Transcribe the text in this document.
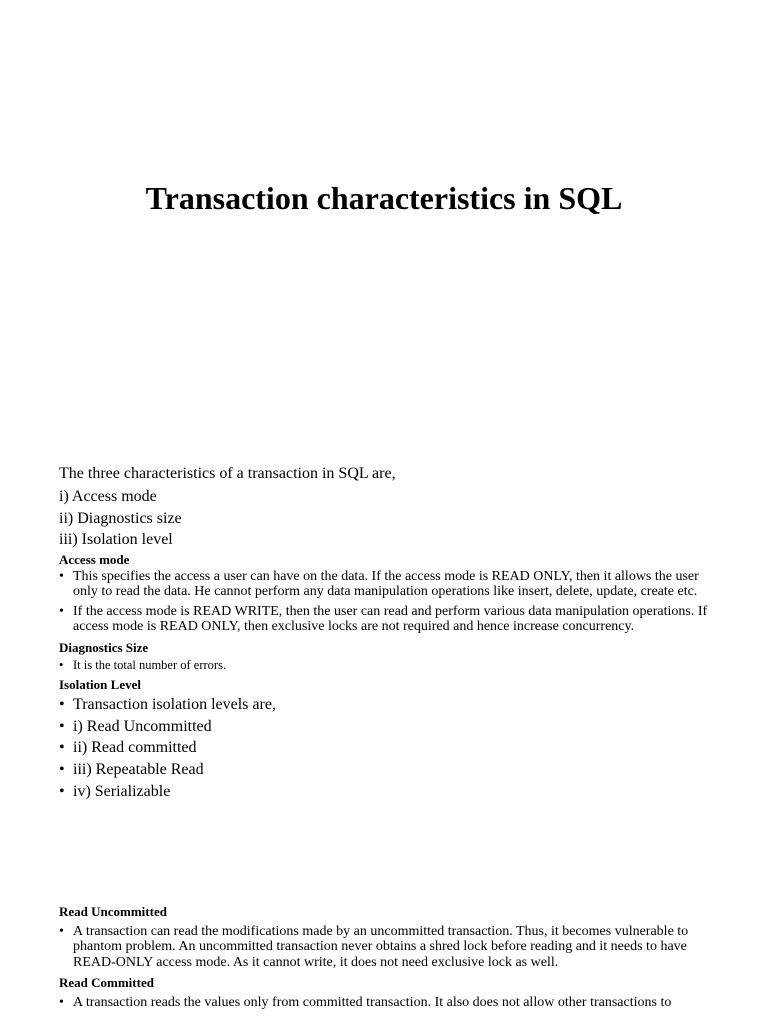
Transaction characteristics in SQL

The three characteristics of a transaction in SQL are,

i) Access mode

ii) Diagnostics size

iii) Isolation level

Access mode

• This specifies the access a user can have on the data. If the access mode is READ ONLY, then it allows the user only to read the data. He cannot perform any data manipulation operations like insert, delete, update, create etc.
• If the access mode is READ WRITE, then the user can read and perform various data manipulation operations. If access mode is READ ONLY, then exclusive locks are not required and hence increase concurrency.

Diagnostics Size

• It is the total number of errors.

Isolation Level

• Transaction isolation levels are,
• i) Read Uncommitted
• ii) Read committed
• iii) Repeatable Read
• iv) Serializable

Read Uncommitted

• A transaction can read the modifications made by an uncommitted transaction. Thus, it becomes vulnerable to phantom problem. An uncommitted transaction never obtains a shred lock before reading and it needs to have READ-ONLY access mode. As it cannot write, it does not need exclusive lock as well.

Read Committed

• A transaction reads the values only from committed transaction. It also does not allow other transactions to
